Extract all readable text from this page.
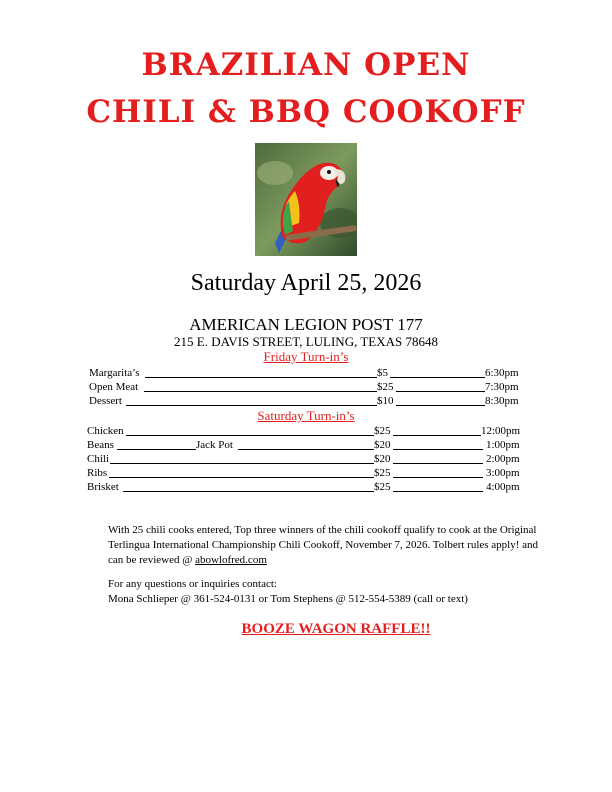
BRAZILIAN OPEN
CHILI & BBQ COOKOFF
Saturday April 25, 2026
AMERICAN LEGION POST 177
215 E. DAVIS STREET, LULING, TEXAS 78648
Friday Turn-in’s
Margarita’s	$5	6:30pm
Open Meat	$25	7:30pm
Dessert	$10	8:30pm
Saturday Turn-in’s
Chicken	$25	12:00pm
Beans	Jack Pot	$20	1:00pm
Chili	$20	2:00pm
Ribs	$25	3:00pm
Brisket	$25	4:00pm
With 25 chili cooks entered, Top three winners of the chili cookoff qualify to cook at the Original Terlingua International Championship Chili Cookoff, November 7, 2026. Tolbert rules apply! and can be reviewed @ abowlofred.com
For any questions or inquiries contact:
Mona Schlieper @ 361-524-0131 or Tom Stephens @ 512-554-5389 (call or text)
BOOZE WAGON RAFFLE!!
